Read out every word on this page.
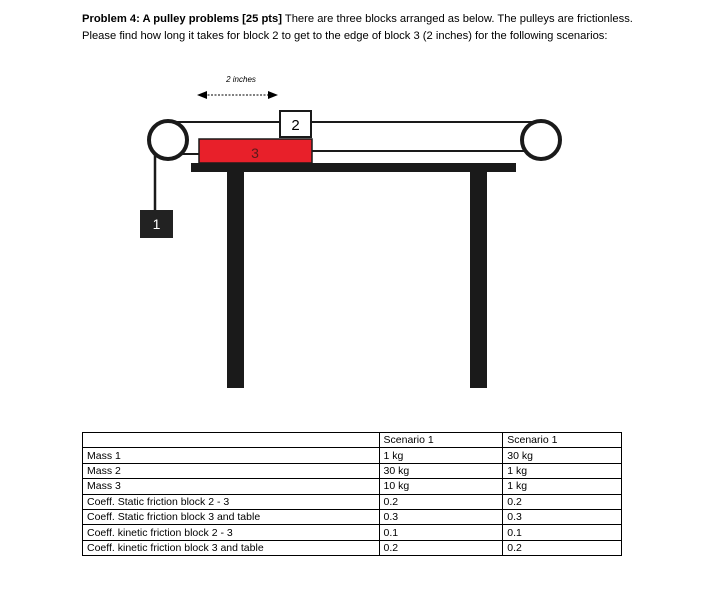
Problem 4: A pulley problems [25 pts] There are three blocks arranged as below. The pulleys are frictionless. Please find how long it takes for block 2 to get to the edge of block 3 (2 inches) for the following scenarios:

2 inches
3
2
1
	Scenario 1	Scenario 1
Mass 1	1 kg	30 kg
Mass 2	30 kg	1 kg
Mass 3	10 kg	1 kg
Coeff. Static friction block 2 - 3	0.2	0.2
Coeff. Static friction block 3 and table	0.3	0.3
Coeff. kinetic friction block 2 - 3	0.1	0.1
Coeff. kinetic friction block 3 and table	0.2	0.2
